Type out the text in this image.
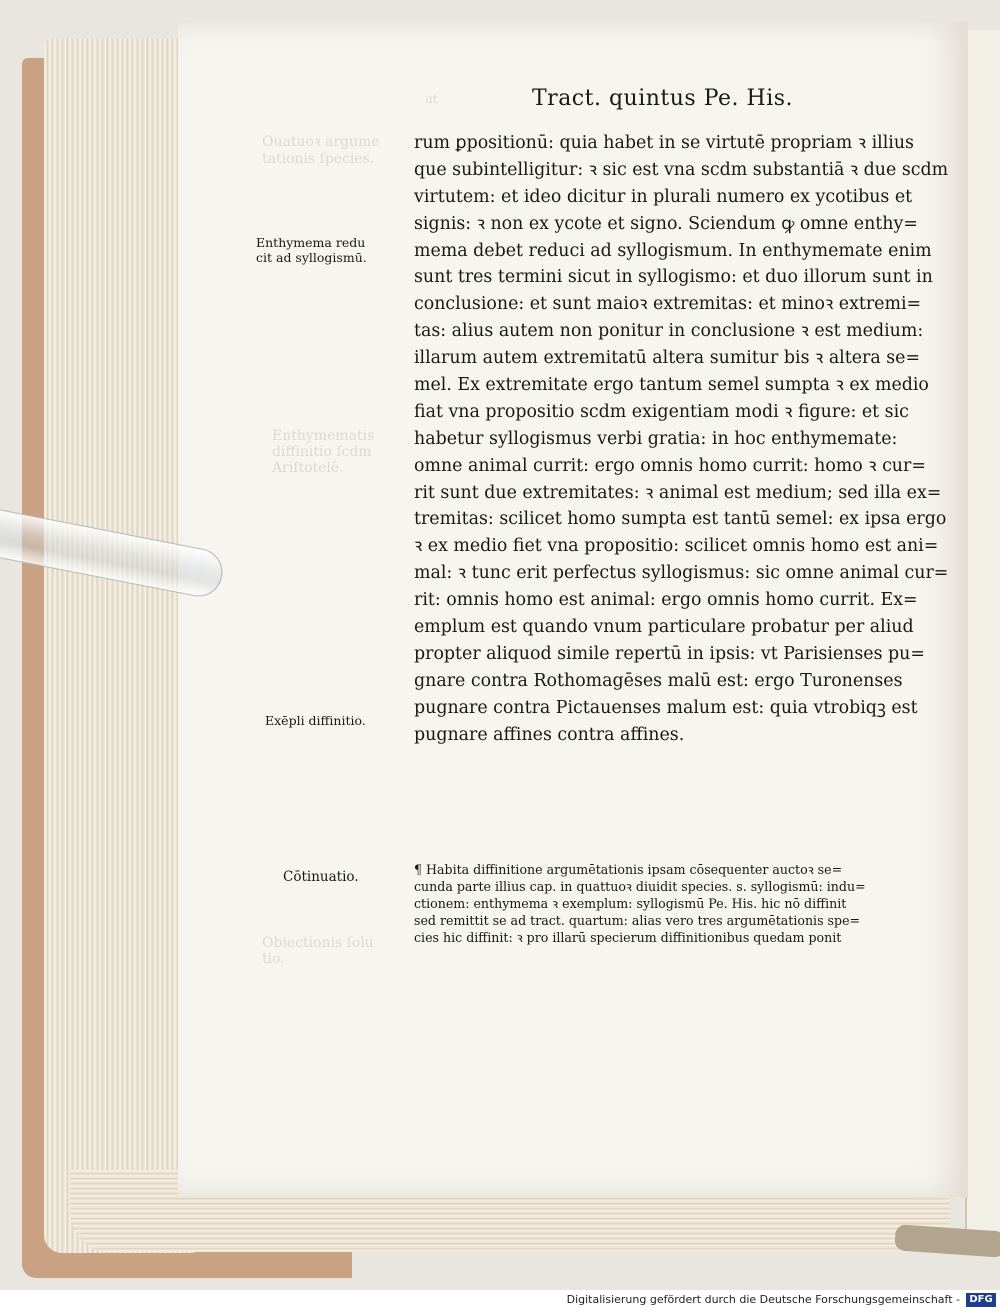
ut
Ouatuoꝛ argume
tationis ſpecies.
Enthymematis
diffinitio ſcdm
Ariſtotelē.
Obiectionis ſolu
tio.
Tract. quintus Pe. His.
rum ꝑpositionū: quia habet in se virtutē propriam ꝛ illius
que subintelligitur: ꝛ sic est vna scdm substantiā ꝛ due scdm
virtutem: et ideo dicitur in plurali numero ex ycotibus et
signis: ꝛ non ex ycote et signo. Sciendum ꝙ omne enthy=
mema debet reduci ad syllogismum. In enthymemate enim
sunt tres termini sicut in syllogismo: et duo illorum sunt in
conclusione: et sunt maioꝛ extremitas: et minoꝛ extremi=
tas: alius autem non ponitur in conclusione ꝛ est medium:
illarum autem extremitatū altera sumitur bis ꝛ altera se=
mel. Ex extremitate ergo tantum semel sumpta ꝛ ex medio
fiat vna propositio scdm exigentiam modi ꝛ figure: et sic
habetur syllogismus verbi gratia: in hoc enthymemate:
omne animal currit: ergo omnis homo currit: homo ꝛ cur=
rit sunt due extremitates: ꝛ animal est medium; sed illa ex=
tremitas: scilicet homo sumpta est tantū semel: ex ipsa ergo
ꝛ ex medio fiet vna propositio: scilicet omnis homo est ani=
mal: ꝛ tunc erit perfectus syllogismus: sic omne animal cur=
rit: omnis homo est animal: ergo omnis homo currit. Ex=
emplum est quando vnum particulare probatur per aliud
propter aliquod simile repertū in ipsis: vt Parisienses pu=
gnare contra Rothomagēses malū est: ergo Turonenses
pugnare contra Pictauenses malum est: quia vtrobiqꝫ est
pugnare affines contra affines.
¶ Habita diffinitione argumētationis ipsam cōsequenter auctoꝛ se=
cunda parte illius cap. in quattuoꝛ diuidit species. s. syllogismū: indu=
ctionem: enthymema ꝛ exemplum: syllogismū Pe. His. hic nō diffinit
sed remittit se ad tract. quartum: alias vero tres argumētationis spe=
cies hic diffinit: ꝛ pro illarū specierum diffinitionibus quedam ponit
Enthymema redu
cit ad syllogismū.
Exēpli diffinitio.
Cōtinuatio.
Digitalisierung gefördert durch die Deutsche Forschungsgemeinschaft - DFG
